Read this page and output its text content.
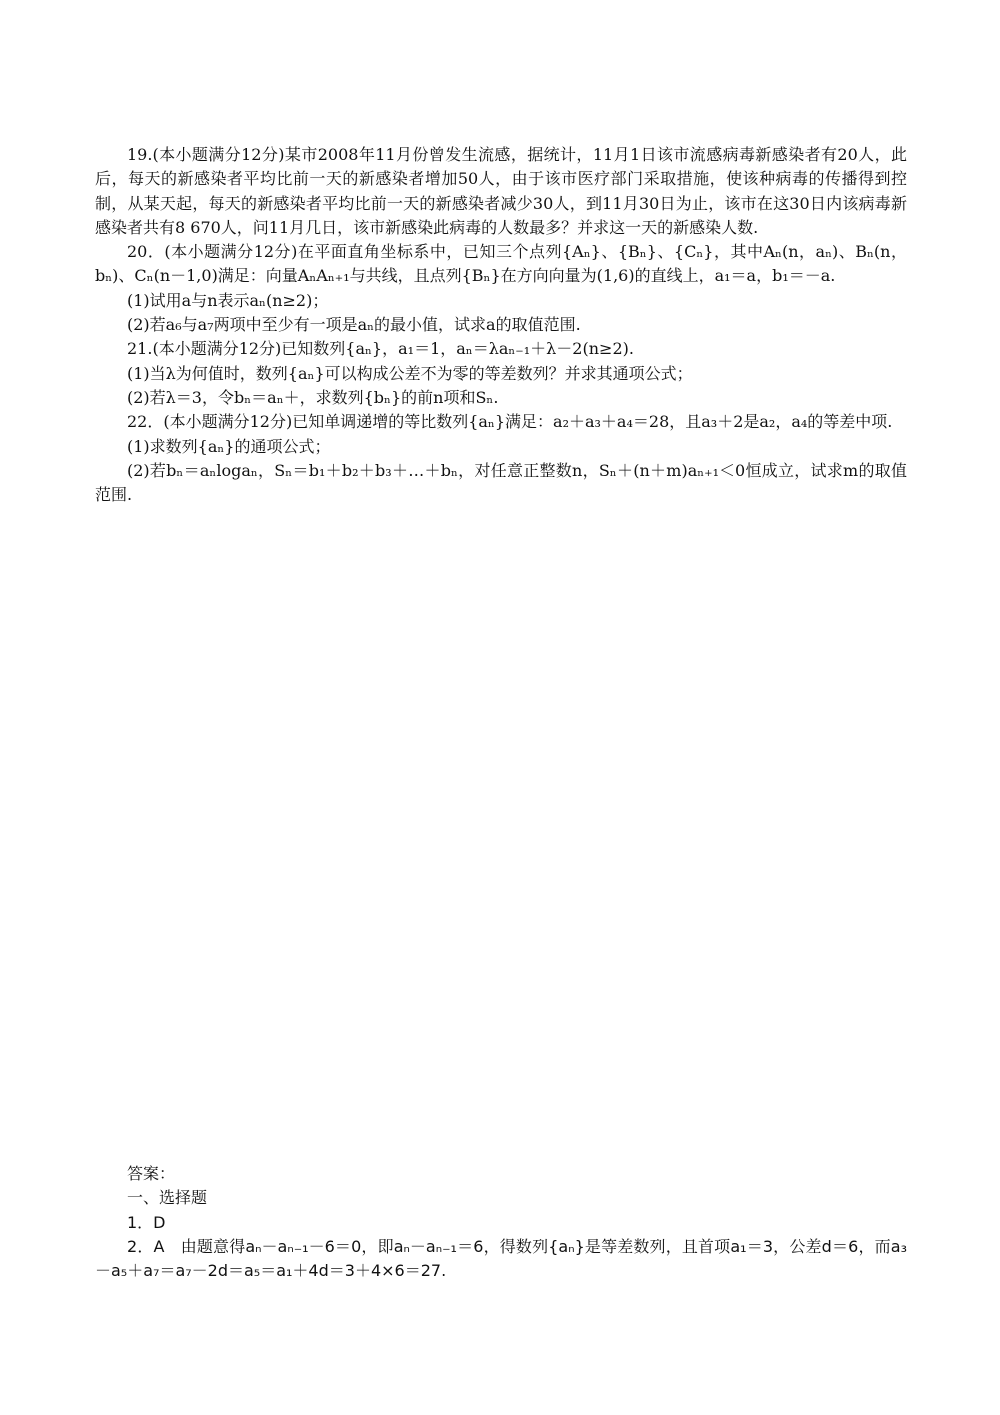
19.(本小题满分12分)某市2008年11月份曾发生流感，据统计，11月1日该市流感病毒新感染者有20人，此后，每天的新感染者平均比前一天的新感染者增加50人，由于该市医疗部门采取措施，使该种病毒的传播得到控制，从某天起，每天的新感染者平均比前一天的新感染者减少30人，到11月30日为止，该市在这30日内该病毒新感染者共有8 670人，问11月几日，该市新感染此病毒的人数最多？并求这一天的新感染人数.

20．(本小题满分12分)在平面直角坐标系中，已知三个点列{Aₙ}、{Bₙ}、{Cₙ}，其中Aₙ(n，aₙ)、Bₙ(n，bₙ)、Cₙ(n－1,0)满足：向量AₙAₙ₊₁与共线，且点列{Bₙ}在方向向量为(1,6)的直线上，a₁＝a，b₁＝－a.

(1)试用a与n表示aₙ(n≥2)；

(2)若a₆与a₇两项中至少有一项是aₙ的最小值，试求a的取值范围.

21.(本小题满分12分)已知数列{aₙ}，a₁＝1，aₙ＝λaₙ₋₁＋λ－2(n≥2).

(1)当λ为何值时，数列{aₙ}可以构成公差不为零的等差数列？并求其通项公式；

(2)若λ＝3，令bₙ＝aₙ＋，求数列{bₙ}的前n项和Sₙ.

22．(本小题满分12分)已知单调递增的等比数列{aₙ}满足：a₂＋a₃＋a₄＝28，且a₃＋2是a₂，a₄的等差中项.

(1)求数列{aₙ}的通项公式；

(2)若bₙ＝aₙlogaₙ，Sₙ＝b₁＋b₂＋b₃＋…＋bₙ，对任意正整数n，Sₙ＋(n＋m)aₙ₊₁＜0恒成立，试求m的取值范围.

答案：

一、选择题

1．D

2．A　由题意得aₙ－aₙ₋₁－6＝0，即aₙ－aₙ₋₁＝6，得数列{aₙ}是等差数列，且首项a₁＝3，公差d＝6，而a₃－a₅＋a₇＝a₇－2d＝a₅＝a₁＋4d＝3＋4×6＝27.
